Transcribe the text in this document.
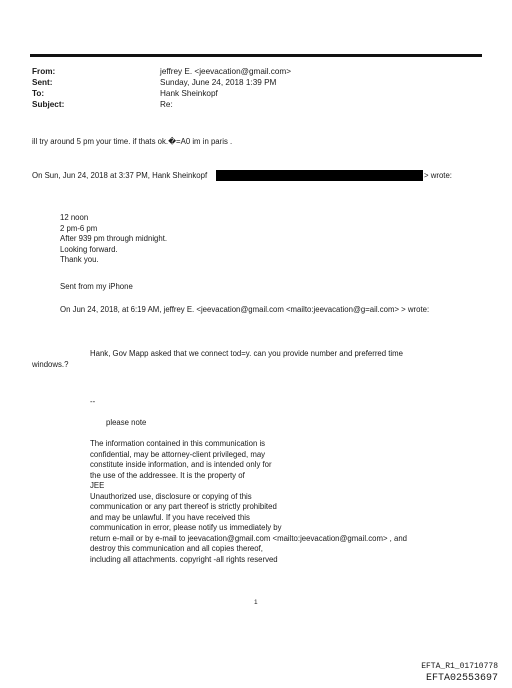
From:	jeffrey E. <jeevacation@gmail.com>
Sent:	Sunday, June 24, 2018 1:39 PM
To:	Hank Sheinkopf
Subject:	Re:
ill try around 5 pm your time. if thats ok.�=A0 im in paris .
On Sun, Jun 24, 2018 at 3:37 PM, Hank Sheinkopf	> wrote:
12 noon
2 pm-6 pm
After 939 pm through midnight.
Looking forward.
Thank you.
Sent from my iPhone
On Jun 24, 2018, at 6:19 AM, jeffrey E. <jeevacation@gmail.com <mailto:jeevacation@g=ail.com> > wrote:
Hank, Gov Mapp asked that we connect tod=y. can you provide number and preferred time
windows.?
--
please note
The information contained in this communication is
confidential, may be attorney-client privileged, may
constitute inside information, and is intended only for
the use of the addressee. It is the property of
JEE
Unauthorized use, disclosure or copying of this
communication or any part thereof is strictly prohibited
and may be unlawful. If you have received this
communication in error, please notify us immediately by
return e-mail or by e-mail to jeevacation@gmail.com <mailto:jeevacation@gmail.com> , and
destroy this communication and all copies thereof,
including all attachments. copyright -all rights reserved
1
EFTA_R1_01710778
EFTA02553697
